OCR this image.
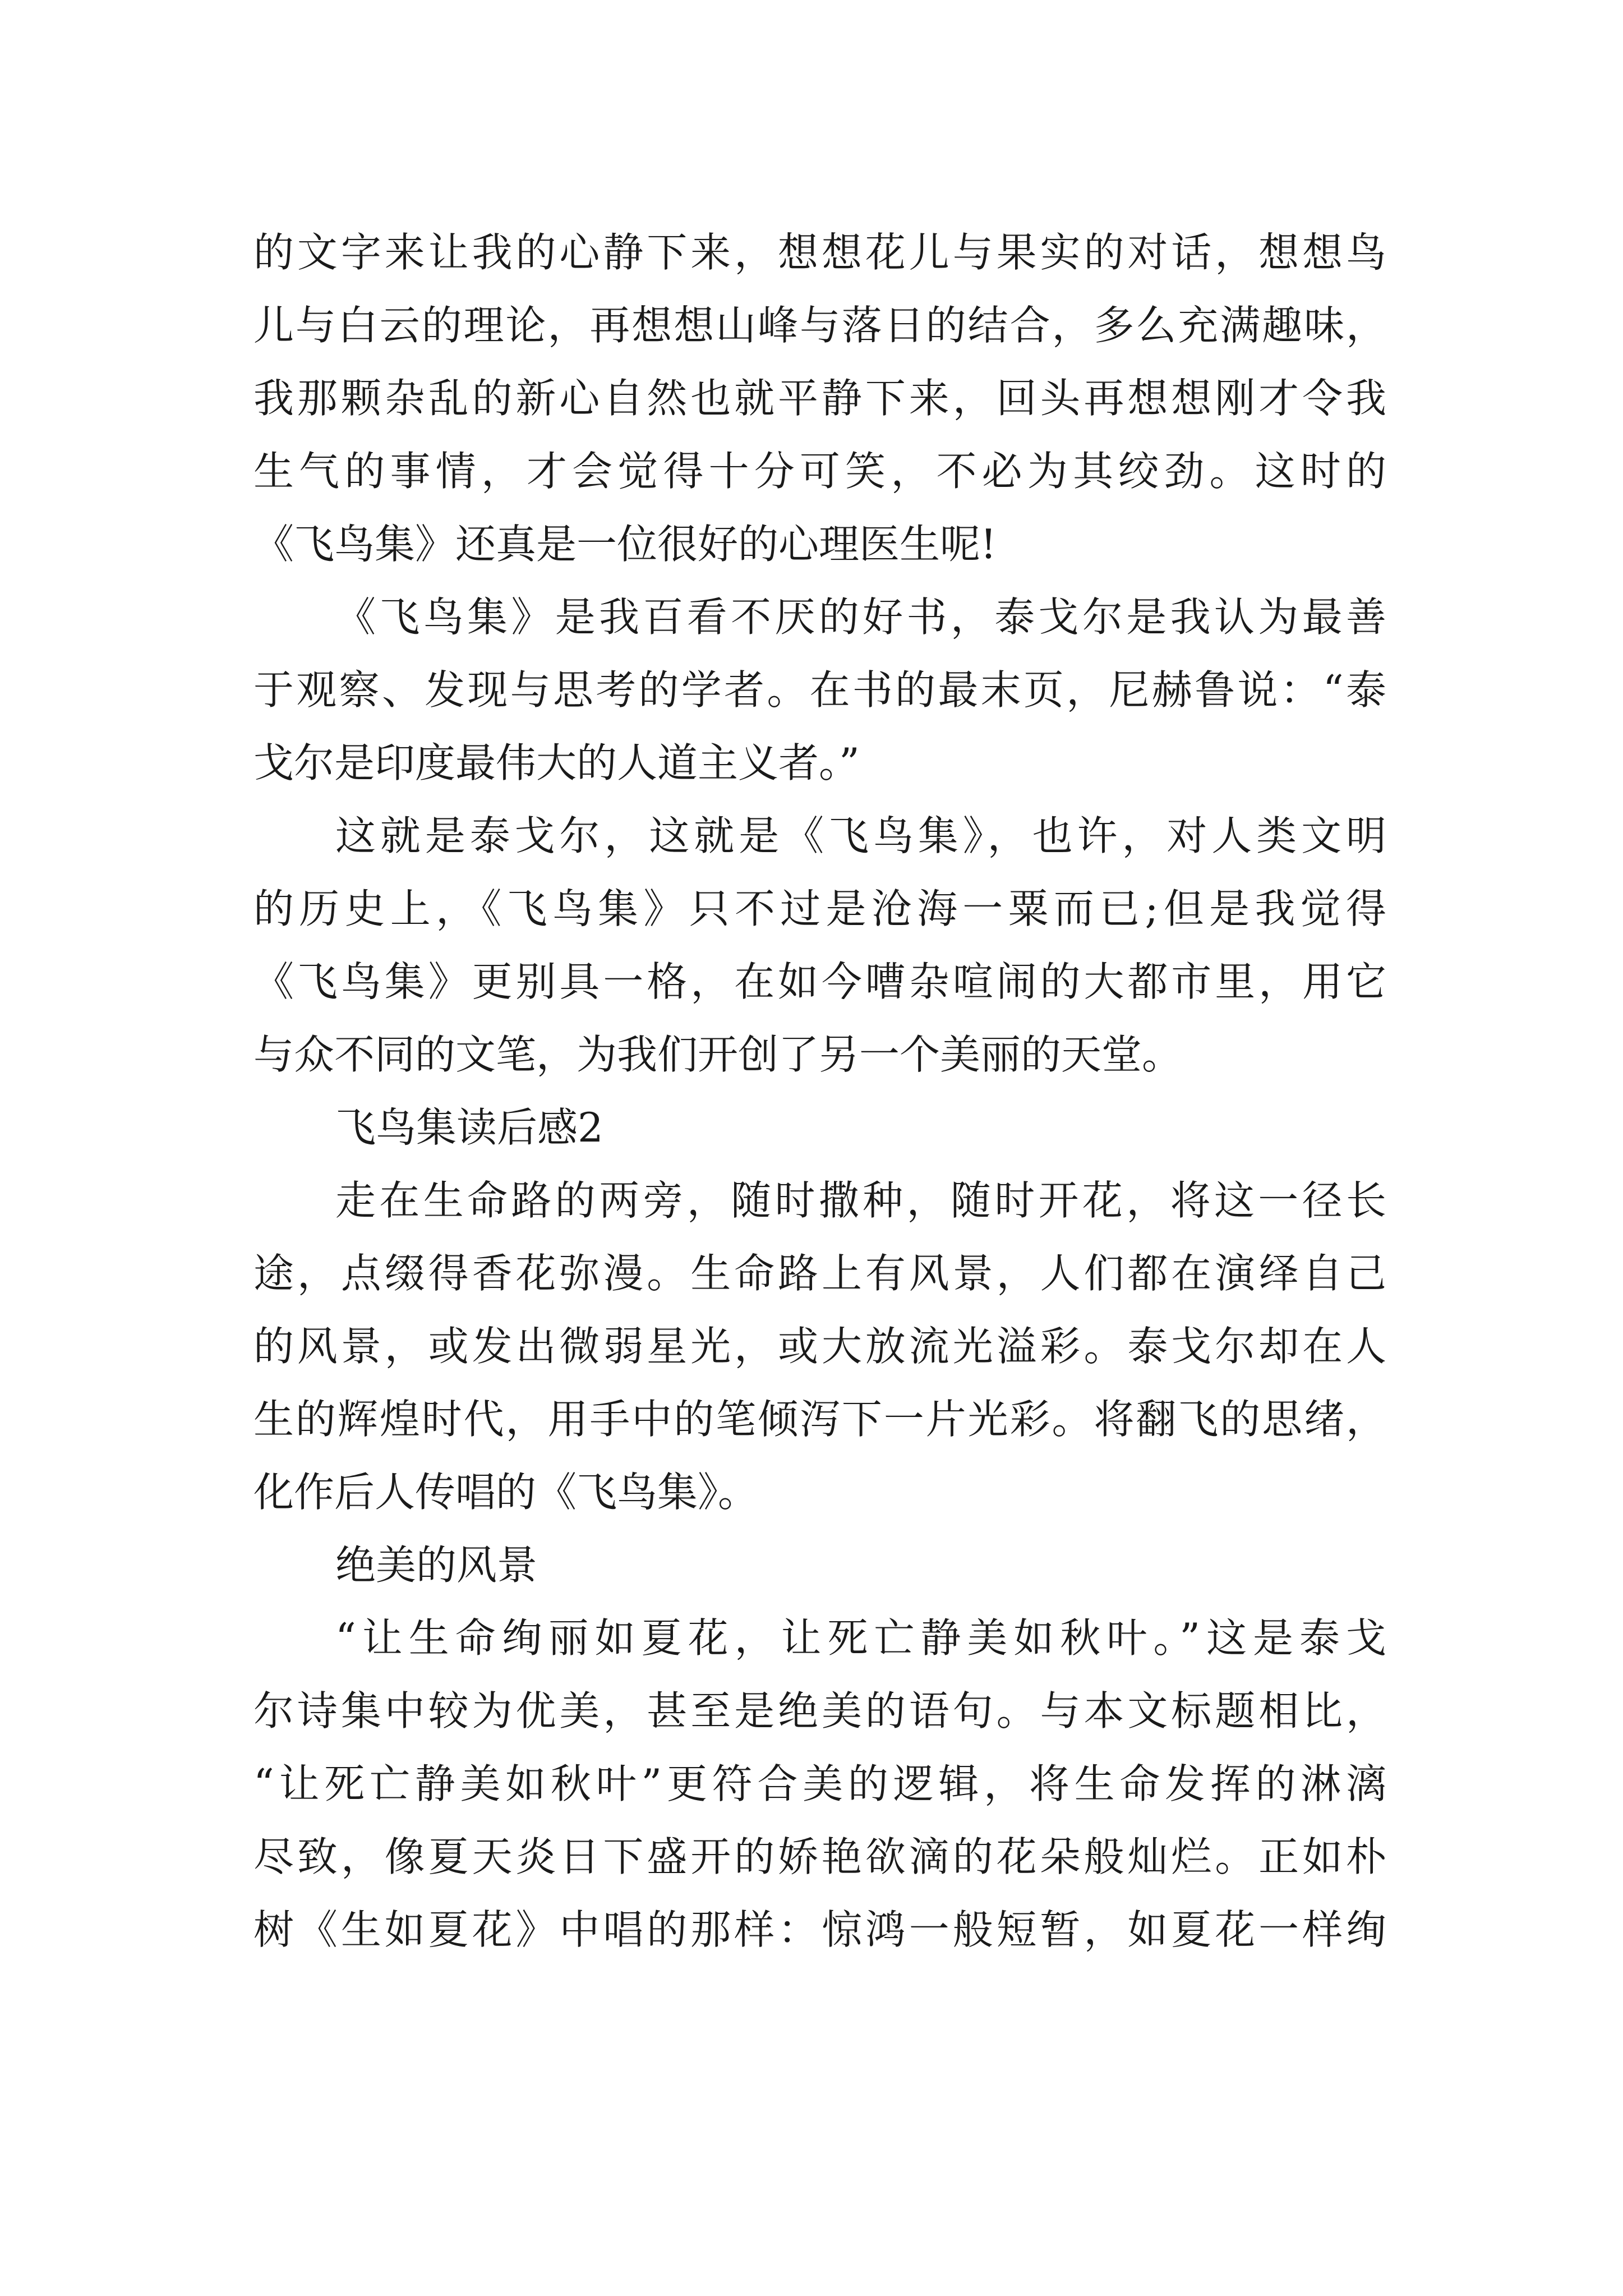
的文字来让我的心静下来，想想花儿与果实的对话，想想鸟
儿与白云的理论，再想想山峰与落日的结合，多么充满趣味，
我那颗杂乱的新心自然也就平静下来，回头再想想刚才令我
生气的事情，才会觉得十分可笑，不必为其绞劲。这时的
《飞鸟集》还真是一位很好的心理医生呢!
《飞鸟集》是我百看不厌的好书，泰戈尔是我认为最善
于观察、发现与思考的学者。在书的最末页，尼赫鲁说：“泰
戈尔是印度最伟大的人道主义者。”
这就是泰戈尔，这就是《飞鸟集》，也许，对人类文明
的历史上，《飞鸟集》只不过是沧海一粟而已;但是我觉得
《飞鸟集》更别具一格，在如今嘈杂喧闹的大都市里，用它
与众不同的文笔，为我们开创了另一个美丽的天堂。
飞鸟集读后感2
走在生命路的两旁，随时撒种，随时开花，将这一径长
途，点缀得香花弥漫。生命路上有风景，人们都在演绎自己
的风景，或发出微弱星光，或大放流光溢彩。泰戈尔却在人
生的辉煌时代，用手中的笔倾泻下一片光彩。将翻飞的思绪，
化作后人传唱的《飞鸟集》。
绝美的风景
“让生命绚丽如夏花，让死亡静美如秋叶。”这是泰戈
尔诗集中较为优美，甚至是绝美的语句。与本文标题相比，
“让死亡静美如秋叶”更符合美的逻辑，将生命发挥的淋漓
尽致，像夏天炎日下盛开的娇艳欲滴的花朵般灿烂。正如朴
树《生如夏花》中唱的那样：惊鸿一般短暂，如夏花一样绚
